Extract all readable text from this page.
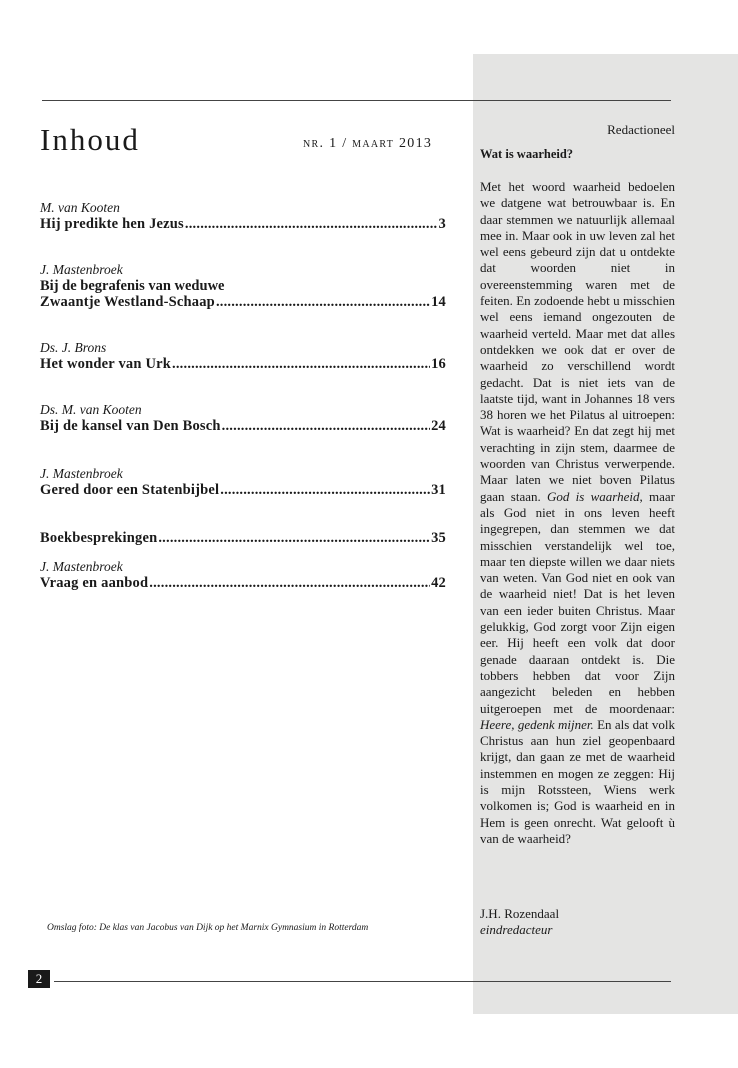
Inhoud	nr. 1 / maart 2013
M. van Kooten
Hij predikte hen Jezus .....	3
J. Mastenbroek
Bij de begrafenis van weduwe
Zwaantje Westland-Schaap .....	14
Ds. J. Brons
Het wonder van Urk .....	16
Ds. M. van Kooten
Bij de kansel van Den Bosch .....	24
J. Mastenbroek
Gered door een Statenbijbel .....	31
Boekbesprekingen .....	35
J. Mastenbroek
Vraag en aanbod .....	42
Redactioneel
Wat is waarheid?
Met het woord waarheid bedoelen we datgene wat betrouwbaar is. En daar stemmen we natuurlijk allemaal mee in. Maar ook in uw leven zal het wel eens gebeurd zijn dat u ontdekte dat woorden niet in overeenstemming waren met de feiten. En zodoende hebt u misschien wel eens iemand ongezouten de waarheid verteld. Maar met dat alles ontdekken we ook dat er over de waarheid zo verschillend wordt gedacht. Dat is niet iets van de laatste tijd, want in Johannes 18 vers 38 horen we het Pilatus al uitroepen: Wat is waarheid? En dat zegt hij met verachting in zijn stem, daarmee de woorden van Christus verwerpende. Maar laten we niet boven Pilatus gaan staan. God is waarheid, maar als God niet in ons leven heeft ingegrepen, dan stemmen we dat misschien verstandelijk wel toe, maar ten diepste willen we daar niets van weten. Van God niet en ook van de waarheid niet! Dat is het leven van een ieder buiten Christus. Maar gelukkig, God zorgt voor Zijn eigen eer. Hij heeft een volk dat door genade daaraan ontdekt is. Die tobbers hebben dat voor Zijn aangezicht beleden en hebben uitgeroepen met de moordenaar: Heere, gedenk mijner. En als dat volk Christus aan hun ziel geopenbaard krijgt, dan gaan ze met de waarheid instemmen en mogen ze zeggen: Hij is mijn Rotssteen, Wiens werk volkomen is; God is waarheid en in Hem is geen onrecht. Wat gelooft ù van de waarheid?
J.H. Rozendaal
eindredacteur
Omslag foto: De klas van Jacobus van Dijk op het Marnix Gymnasium in Rotterdam
2
